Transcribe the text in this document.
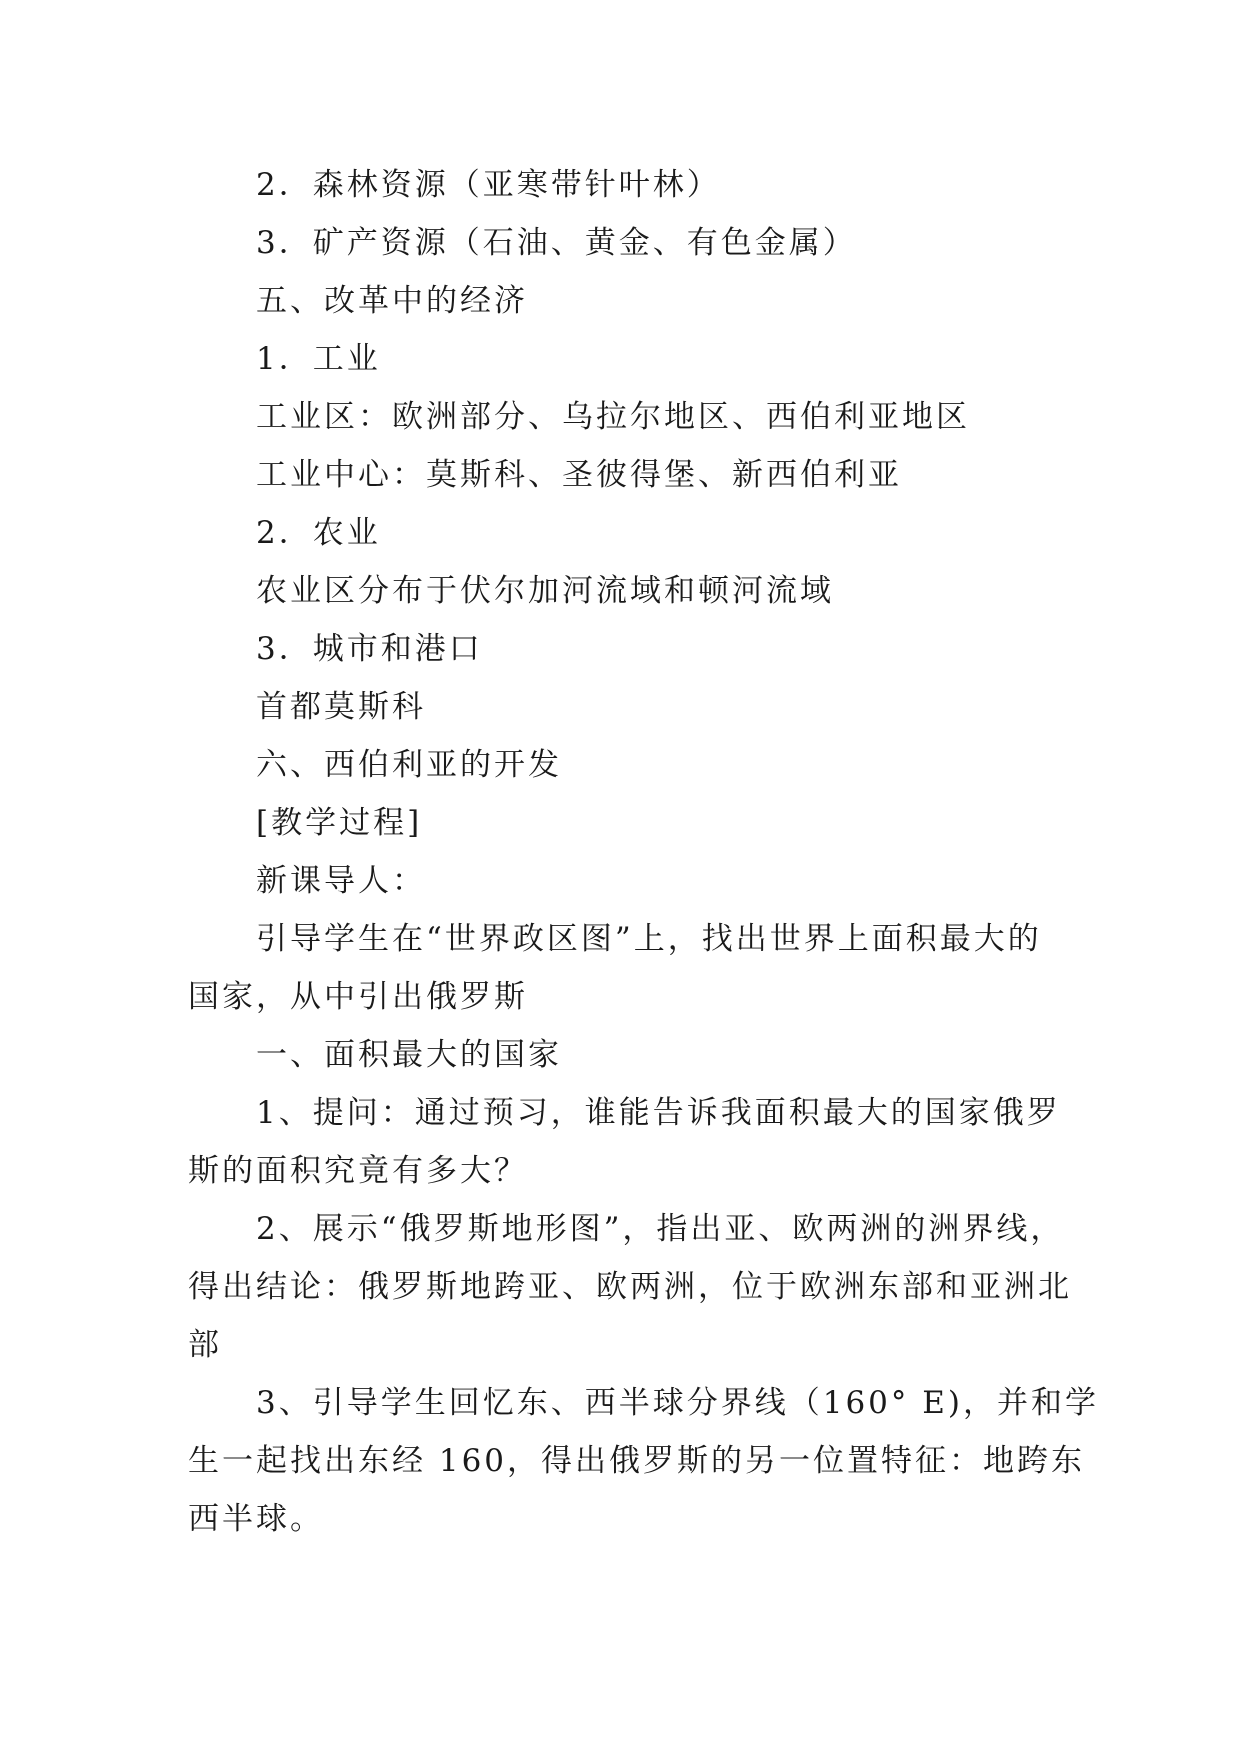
2．森林资源（亚寒带针叶林）
3．矿产资源（石油、黄金、有色金属）
五、改革中的经济
1．工业
工业区：欧洲部分、乌拉尔地区、西伯利亚地区
工业中心：莫斯科、圣彼得堡、新西伯利亚
2．农业
农业区分布于伏尔加河流域和顿河流域
3．城市和港口
首都莫斯科
六、西伯利亚的开发
[教学过程]
新课导人：
引导学生在“世界政区图”上，找出世界上面积最大的
国家，从中引出俄罗斯
一、面积最大的国家
1、提问：通过预习，谁能告诉我面积最大的国家俄罗
斯的面积究竟有多大？
2、展示“俄罗斯地形图”，指出亚、欧两洲的洲界线，
得出结论：俄罗斯地跨亚、欧两洲，位于欧洲东部和亚洲北
部
3、引导学生回忆东、西半球分界线（160° E)，并和学
生一起找出东经 160，得出俄罗斯的另一位置特征：地跨东
西半球。
